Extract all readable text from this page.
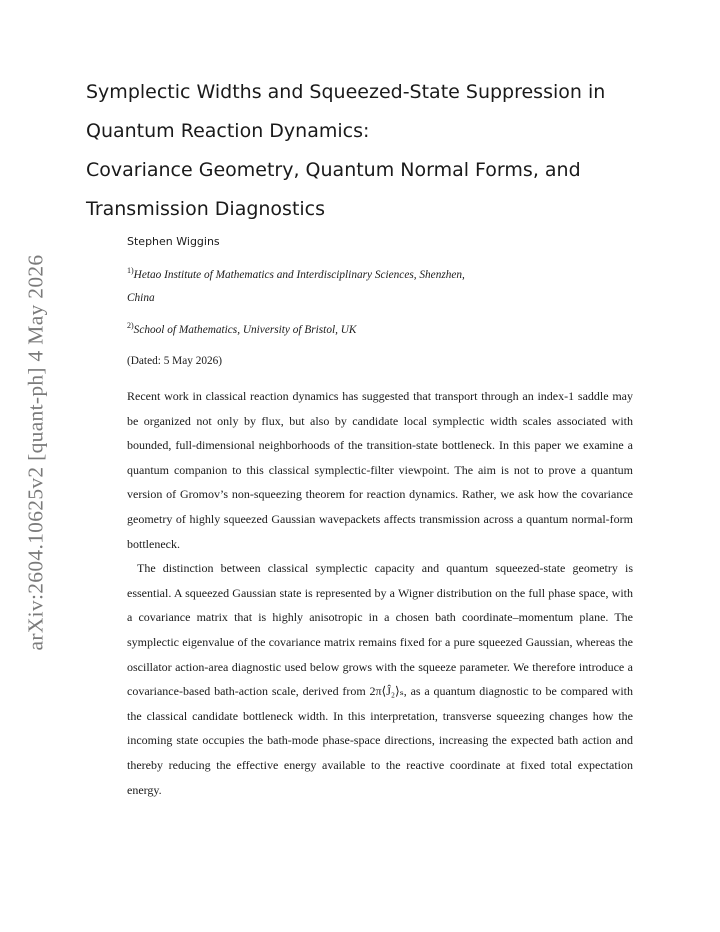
arXiv:2604.10625v2 [quant-ph] 4 May 2026
Symplectic Widths and Squeezed-State Suppression in
Quantum Reaction Dynamics:
Covariance Geometry, Quantum Normal Forms, and
Transmission Diagnostics
Stephen Wiggins
$^{1)}$Hetao Institute of Mathematics and Interdisciplinary Sciences, Shenzhen,
China
$^{2)}$School of Mathematics, University of Bristol, UK
(Dated: 5 May 2026)

Recent work in classical reaction dynamics has suggested that transport through an index-1 saddle may be organized not only by flux, but also by candidate local symplectic width scales associated with bounded, full-dimensional neighborhoods of the transition-state bottleneck. In this paper we examine a quantum companion to this classical symplectic-filter viewpoint. The aim is not to prove a quantum version of Gromov’s non-squeezing theorem for reaction dynamics. Rather, we ask how the covariance geometry of highly squeezed Gaussian wavepackets affects transmission across a quantum normal-form bottleneck.

The distinction between classical symplectic capacity and quantum squeezed-state geometry is essential. A squeezed Gaussian state is represented by a Wigner distribution on the full phase space, with a covariance matrix that is highly anisotropic in a chosen bath coordinate–momentum plane. The symplectic eigenvalue of the covariance matrix remains fixed for a pure squeezed Gaussian, whereas the oscillator action-area diagnostic used below grows with the squeeze parameter. We therefore introduce a covariance-based bath-action scale, derived from 2π⟨Ĵ₂⟩ₛ, as a quantum diagnostic to be compared with the classical candidate bottleneck width. In this interpretation, transverse squeezing changes how the incoming state occupies the bath-mode phase-space directions, increasing the expected bath action and thereby reducing the effective energy available to the reactive coordinate at fixed total expectation energy.
